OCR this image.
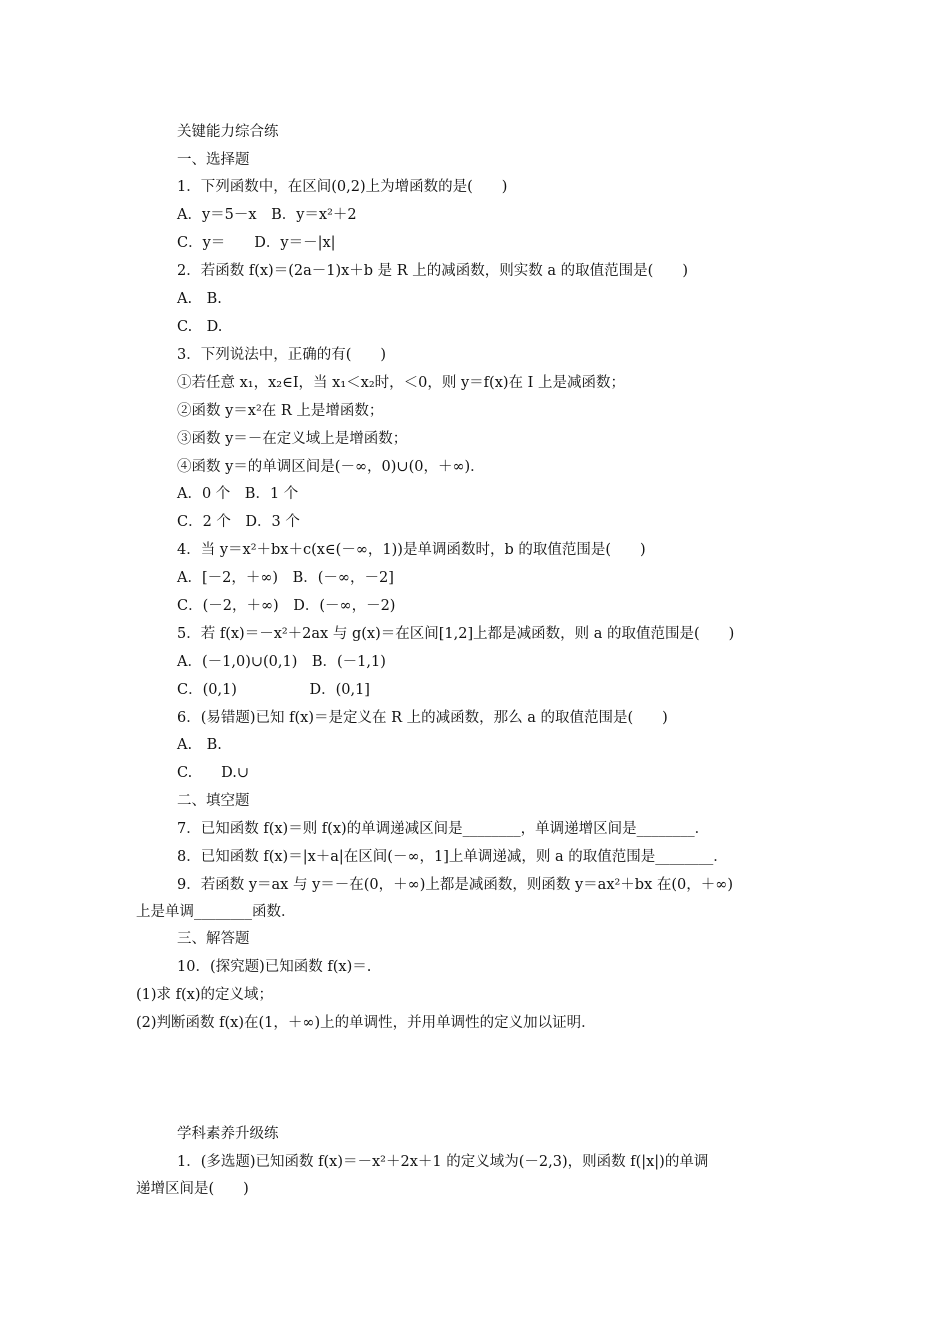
关键能力综合练
一、选择题
1．下列函数中，在区间(0,2)上为增函数的是(　　)
A．y＝5－x　B．y＝x²＋2
C．y＝　　D．y＝－|x|
2．若函数 f(x)＝(2a－1)x＋b 是 R 上的减函数，则实数 a 的取值范围是(　　)
A.　B.
C.　D.
3．下列说法中，正确的有(　　)
①若任意 x₁，x₂∈I，当 x₁＜x₂时，＜0，则 y＝f(x)在 I 上是减函数；
②函数 y＝x²在 R 上是增函数；
③函数 y＝－在定义域上是增函数；
④函数 y＝的单调区间是(－∞，0)∪(0，＋∞)．
A．0 个　B．1 个
C．2 个　D．3 个
4．当 y＝x²＋bx＋c(x∈(－∞，1))是单调函数时，b 的取值范围是(　　)
A．[－2，＋∞)　B．(－∞，－2]
C．(－2，＋∞)　D．(－∞，－2)
5．若 f(x)＝－x²＋2ax 与 g(x)＝在区间[1,2]上都是减函数，则 a 的取值范围是(　　)
A．(－1,0)∪(0,1)　B．(－1,1)
C．(0,1)　　　　　D．(0,1]
6．(易错题)已知 f(x)＝是定义在 R 上的减函数，那么 a 的取值范围是(　　)
A.　B.
C.　　D.∪
二、填空题
7．已知函数 f(x)＝则 f(x)的单调递减区间是________，单调递增区间是________．
8．已知函数 f(x)＝|x＋a|在区间(－∞，1]上单调递减，则 a 的取值范围是________．
9．若函数 y＝ax 与 y＝－在(0，＋∞)上都是减函数，则函数 y＝ax²＋bx 在(0，＋∞)
上是单调________函数．
三、解答题
10．(探究题)已知函数 f(x)＝.
(1)求 f(x)的定义域；
(2)判断函数 f(x)在(1，＋∞)上的单调性，并用单调性的定义加以证明．
学科素养升级练
1．(多选题)已知函数 f(x)＝－x²＋2x＋1 的定义域为(－2,3)，则函数 f(|x|)的单调
递增区间是(　　)
